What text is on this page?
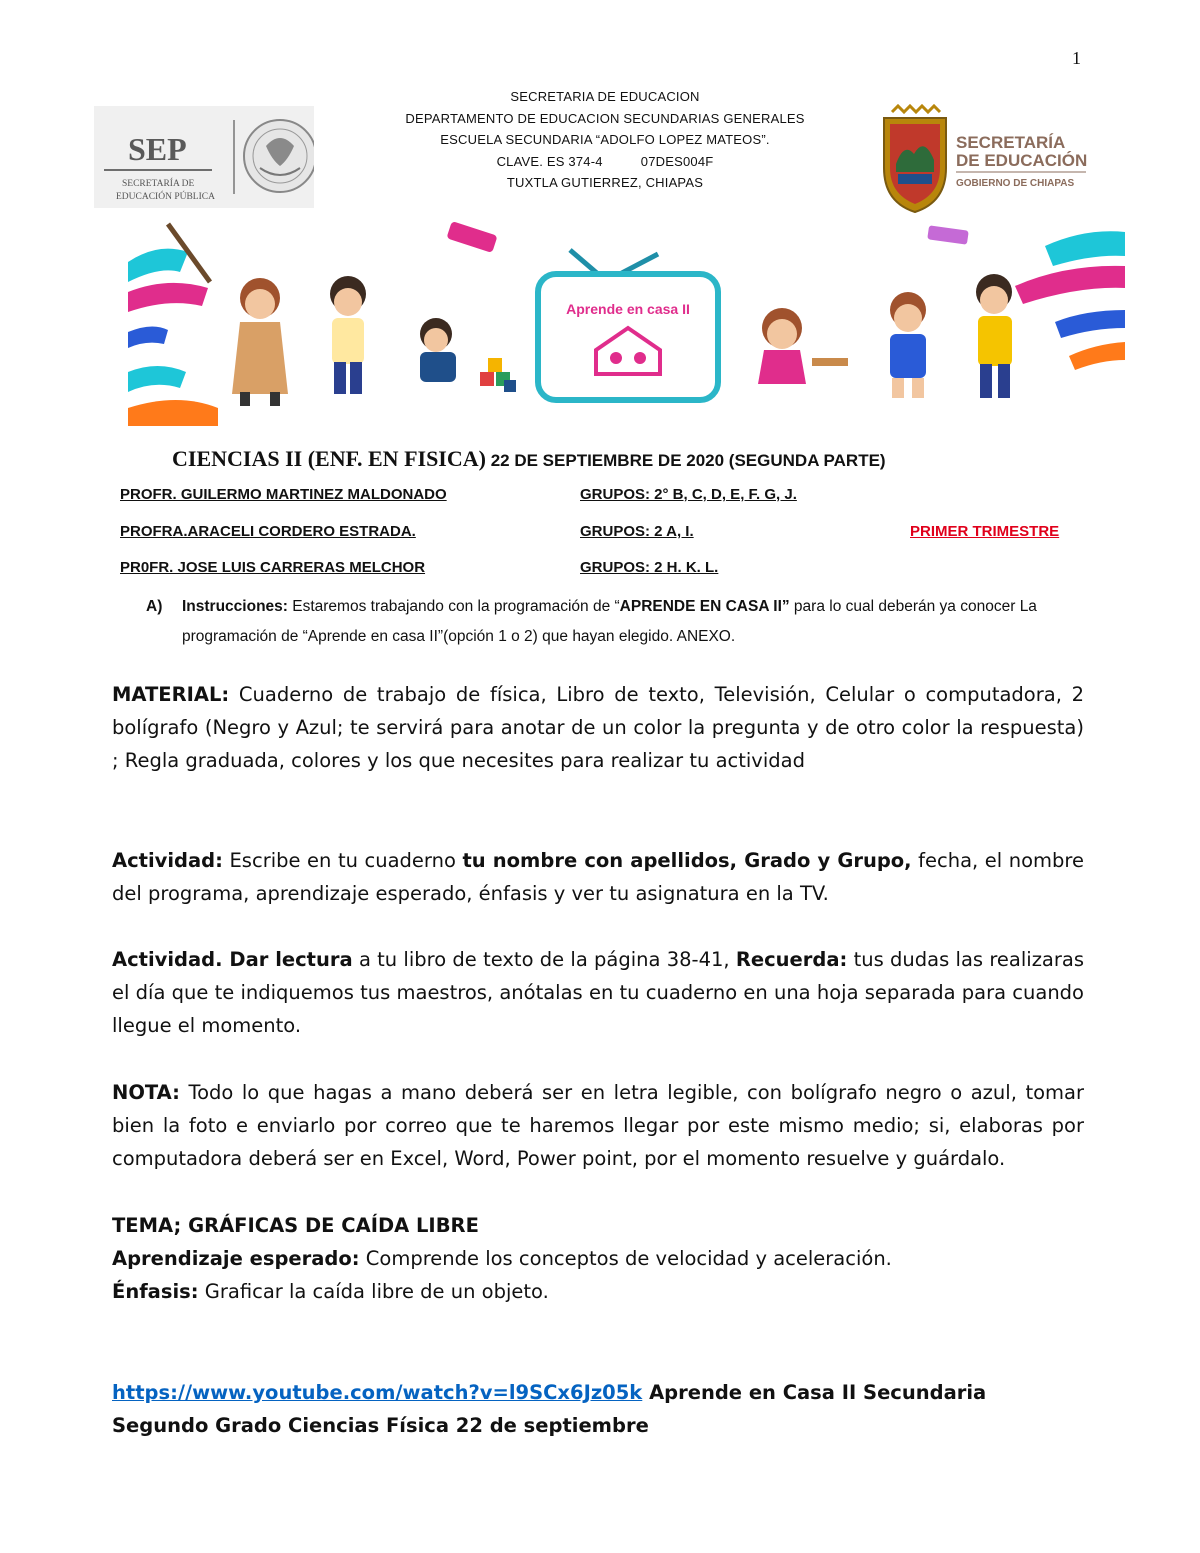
1
SEP
SECRETARÍA DE
EDUCACIÓN PÚBLICA
SECRETARIA DE EDUCACION
DEPARTAMENTO DE EDUCACION SECUNDARIAS GENERALES
ESCUELA SECUNDARIA “ADOLFO LOPEZ MATEOS”.
CLAVE. ES 374-4          07DES004F
TUXTLA GUTIERREZ, CHIAPAS
SECRETARÍA
DE EDUCACIÓN
GOBIERNO DE CHIAPAS
Aprende en casa II
CIENCIAS II (ENF. EN FISICA) 22 DE SEPTIEMBRE DE 2020 (SEGUNDA PARTE)
PROFR. GUILERMO MARTINEZ MALDONADO	GRUPOS: 2° B, C, D, E, F. G, J.
PROFRA.ARACELI CORDERO ESTRADA.	GRUPOS: 2 A, I.	PRIMER TRIMESTRE
PR0FR. JOSE LUIS CARRERAS MELCHOR	GRUPOS: 2 H. K. L.
A) Instrucciones: Estaremos trabajando con la programación de “APRENDE EN CASA II” para lo cual deberán ya conocer La programación de “Aprende en casa II”(opción 1 o 2) que hayan elegido. ANEXO.
MATERIAL: Cuaderno de trabajo de física, Libro de texto, Televisión, Celular o computadora, 2 bolígrafo (Negro y Azul; te servirá para anotar de un color la pregunta y de otro color la respuesta) ; Regla graduada, colores y los que necesites para realizar tu actividad
Actividad: Escribe en tu cuaderno tu nombre con apellidos, Grado y Grupo, fecha, el nombre del programa, aprendizaje esperado, énfasis y ver tu asignatura en la TV.
Actividad. Dar lectura a tu libro de texto de la página 38-41, Recuerda: tus dudas las realizaras el día que te indiquemos tus maestros, anótalas en tu cuaderno en una hoja separada para cuando llegue el momento.
NOTA: Todo lo que hagas a mano deberá ser en letra legible, con bolígrafo negro o azul, tomar bien la foto e enviarlo por correo que te haremos llegar por este mismo medio; si, elaboras por computadora deberá ser en Excel, Word, Power point, por el momento resuelve y guárdalo.
TEMA; GRÁFICAS DE CAÍDA LIBRE
Aprendizaje esperado: Comprende los conceptos de velocidad y aceleración.
Énfasis: Graficar la caída libre de un objeto.
https://www.youtube.com/watch?v=l9SCx6Jz05k Aprende en Casa II Secundaria Segundo Grado Ciencias Física 22 de septiembre
